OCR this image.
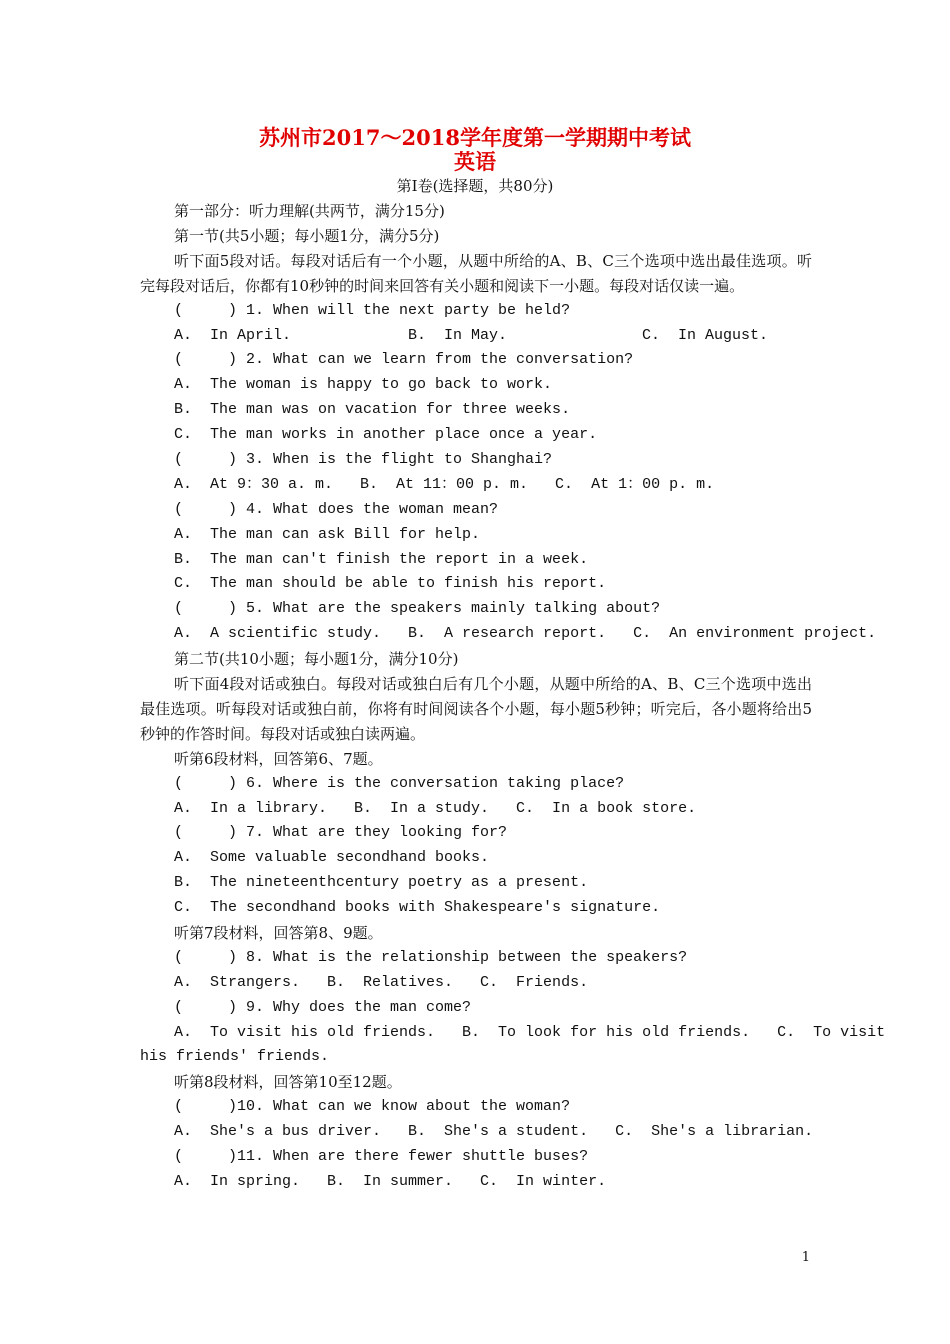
苏州市2017～2018学年度第一学期期中考试
英语
第Ⅰ卷(选择题，共80分)
第一部分：听力理解(共两节，满分15分)
第一节(共5小题；每小题1分，满分5分)
听下面5段对话。每段对话后有一个小题，从题中所给的A、B、C三个选项中选出最佳选项。听完每段对话后，你都有10秒钟的时间来回答有关小题和阅读下一小题。每段对话仅读一遍。
(     ) 1. When will the next party be held?
A.  In April.	B.  In May.	C.  In August.
(     ) 2. What can we learn from the conversation?
A.  The woman is happy to go back to work.
B.  The man was on vacation for three weeks.
C.  The man works in another place once a year.
(     ) 3. When is the flight to Shanghai?
A.  At 9：30 a. m.   B.  At 11：00 p. m.   C.  At 1：00 p. m.
(     ) 4. What does the woman mean?
A.  The man can ask Bill for help.
B.  The man can't finish the report in a week.
C.  The man should be able to finish his report.
(     ) 5. What are the speakers mainly talking about?
A.  A scientific study.   B.  A research report.   C.  An environment project.
第二节(共10小题；每小题1分，满分10分)
听下面4段对话或独白。每段对话或独白后有几个小题，从题中所给的A、B、C三个选项中选出最佳选项。听每段对话或独白前，你将有时间阅读各个小题，每小题5秒钟；听完后，各小题将给出5秒钟的作答时间。每段对话或独白读两遍。
听第6段材料，回答第6、7题。
(     ) 6. Where is the conversation taking place?
A.  In a library.   B.  In a study.   C.  In a book store.
(     ) 7. What are they looking for?
A.  Some valuable secondhand books.
B.  The nineteenthcentury poetry as a present.
C.  The secondhand books with Shakespeare's signature.
听第7段材料，回答第8、9题。
(     ) 8. What is the relationship between the speakers?
A.  Strangers.   B.  Relatives.   C.  Friends.
(     ) 9. Why does the man come?
A.  To visit his old friends.   B.  To look for his old friends.   C.  To visit
his friends' friends.
听第8段材料，回答第10至12题。
(     )10. What can we know about the woman?
A.  She's a bus driver.   B.  She's a student.   C.  She's a librarian.
(     )11. When are there fewer shuttle buses?
A.  In spring.   B.  In summer.   C.  In winter.
1
